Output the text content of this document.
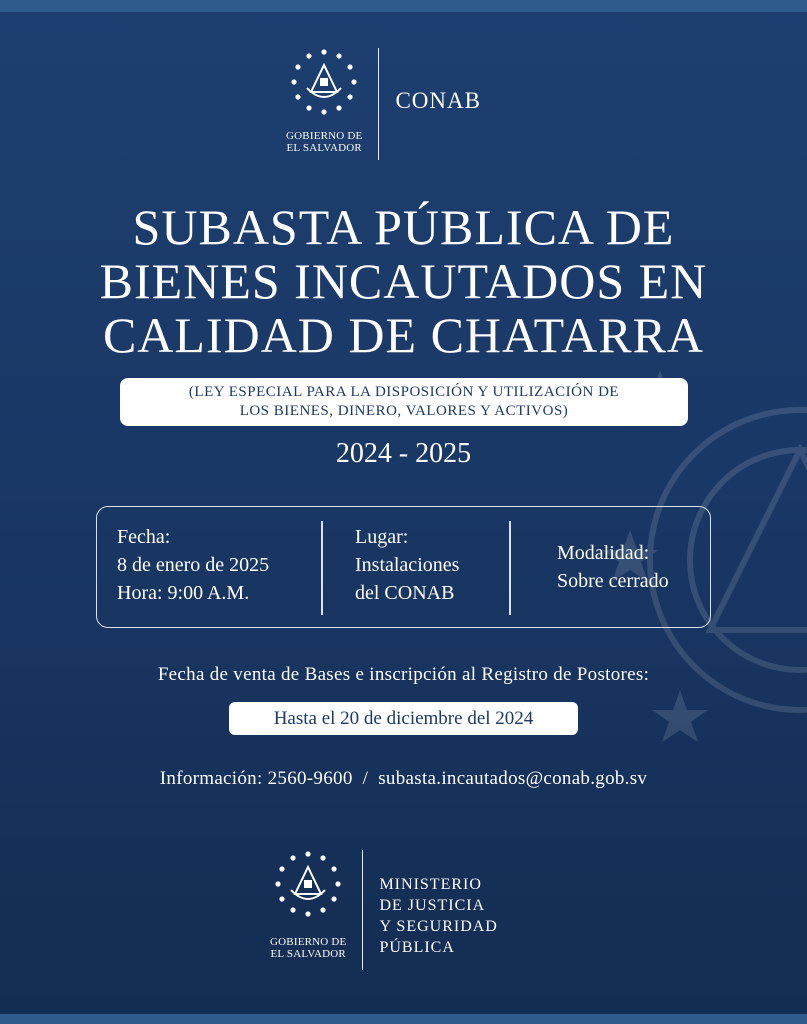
GOBIERNO DE
EL SALVADOR
CONAB
SUBASTA PÚBLICA DE
BIENES INCAUTADOS EN
CALIDAD DE CHATARRA
(LEY ESPECIAL PARA LA DISPOSICIÓN Y UTILIZACIÓN DE
LOS BIENES, DINERO, VALORES Y ACTIVOS)
2024 - 2025
Fecha:
8 de enero de 2025
Hora: 9:00 A.M.
Lugar:
Instalaciones
del CONAB
Modalidad:
Sobre cerrado
Fecha de venta de Bases e inscripción al Registro de Postores:
Hasta el 20 de diciembre del 2024
Información: 2560-9600 / subasta.incautados@conab.gob.sv
GOBIERNO DE
EL SALVADOR
MINISTERIO
DE JUSTICIA
Y SEGURIDAD
PÚBLICA
